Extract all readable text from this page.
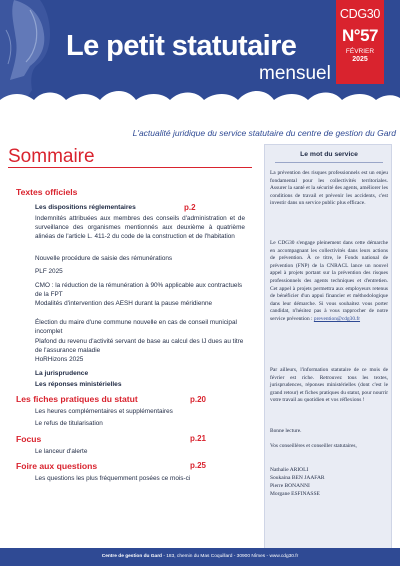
Le petit statutaire
mensuel
CDG30
N°57
FÉVRIER
2025
L'actualité juridique du service statutaire du centre de gestion du Gard
Sommaire
Textes officiels
Les dispositions réglementaires	p.2
Indemnités attribuées aux membres des conseils d'administration et de surveillance des organismes mentionnés aux deuxième à quatrième alinéas de l'article L. 411-2 du code de la construction et de l'habitation
Nouvelle procédure de saisie des rémunérations
PLF 2025
CMO : la réduction de la rémunération à 90% applicable aux contractuels de la FPT
Modalités d'intervention des AESH durant la pause méridienne
Élection du maire d'une commune nouvelle en cas de conseil municipal incomplet
Plafond du revenu d'activité servant de base au calcul des IJ dues au titre de l'assurance maladie
HoRHizons 2025
La jurisprudence
Les réponses ministérielles
Les fiches pratiques du statut	p.20
Les heures complémentaires et supplémentaires
Le refus de titularisation
Focus	p.21
Le lanceur d'alerte
Foire aux questions	p.25
Les questions les plus fréquemment posées ce mois-ci
Le mot du service
La prévention des risques professionnels est un enjeu fondamental pour les collectivités territoriales. Assurer la santé et la sécurité des agents, améliorer les conditions de travail et prévenir les accidents, c'est investir dans un service public plus efficace.
Le CDG30 s'engage pleinement dans cette démarche en accompagnant les collectivités dans leurs actions de prévention. À ce titre, le Fonds national de prévention (FNP) de la CNRACL lance un nouvel appel à projets portant sur la prévention des risques professionnels des agents techniques et d'entretien. Cet appel à projets permettra aux employeurs retenus de bénéficier d'un appui financier et méthodologique dans leur démarche. Si vous souhaitez vous porter candidat, n'hésitez pas à vous rapprocher de notre service prévention : prevention@cdg30.fr
Par ailleurs, l'information statutaire de ce mois de février est riche. Retrouvez tous les textes, jurisprudences, réponses ministérielles (dont c'est le grand retour) et fiches pratiques du statut, pour nourrir votre travail au quotidien et vos réflexions !
Bonne lecture.
Vos conseillères et conseiller statutaires,
Nathalie ARIOLI
Soukaina BEN JAAFAR
Pierre BONANNI
Morgane ESFINASSE
Centre de gestion du Gard - 183, chemin du Mas Coquillard - 30900 Nîmes - www.cdg30.fr
